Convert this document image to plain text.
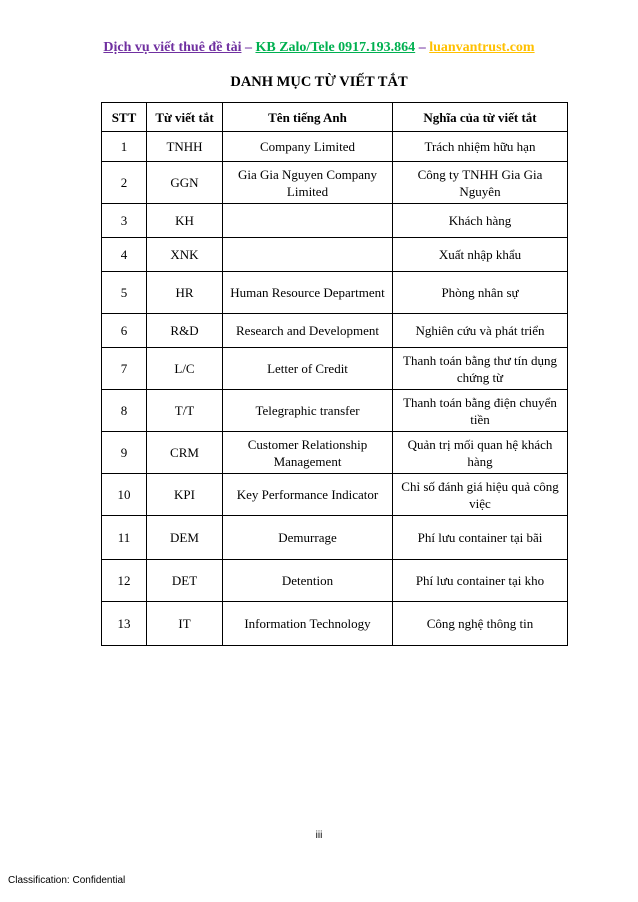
Dịch vụ viết thuê đề tài – KB Zalo/Tele 0917.193.864 – luanvantrust.com
DANH MỤC TỪ VIẾT TẮT
STT	Từ viết tắt	Tên tiếng Anh	Nghĩa của từ viết tắt
1	TNHH	Company Limited	Trách nhiệm hữu hạn
2	GGN	Gia Gia Nguyen Company Limited	Công ty TNHH Gia Gia Nguyên
3	KH		Khách hàng
4	XNK		Xuất nhập khẩu
5	HR	Human Resource Department	Phòng nhân sự
6	R&D	Research and Development	Nghiên cứu và phát triển
7	L/C	Letter of Credit	Thanh toán bằng thư tín dụng chứng từ
8	T/T	Telegraphic transfer	Thanh toán bằng điện chuyển tiền
9	CRM	Customer Relationship Management	Quản trị mối quan hệ khách hàng
10	KPI	Key Performance Indicator	Chỉ số đánh giá hiệu quả công việc
11	DEM	Demurrage	Phí lưu container tại bãi
12	DET	Detention	Phí lưu container tại kho
13	IT	Information Technology	Công nghệ thông tin
iii
Classification: Confidential
